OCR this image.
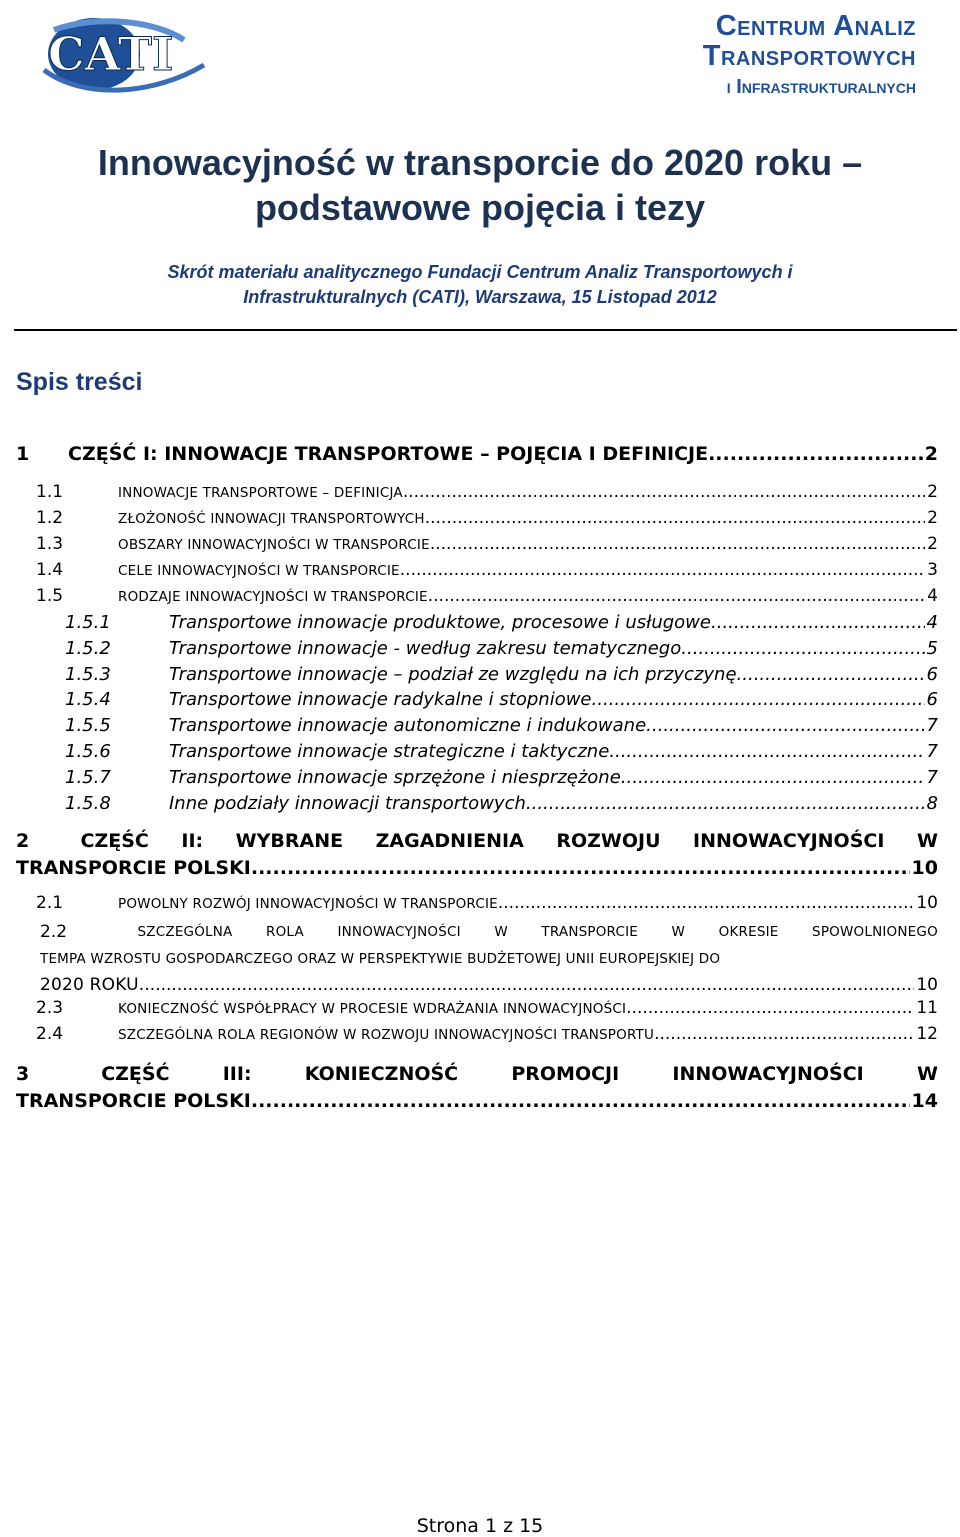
CATI
Centrum Analiz
Transportowych
i Infrastrukturalnych
Innowacyjność w transporcie do 2020 roku –
podstawowe pojęcia i tezy
Skrót materiału analitycznego Fundacji Centrum Analiz Transportowych i
Infrastrukturalnych (CATI), Warszawa, 15 Listopad 2012
Spis treści
1	CZĘŚĆ I: INNOWACJE TRANSPORTOWE – POJĘCIA I DEFINICJE .....	2
1.1	INNOWACJE TRANSPORTOWE – DEFINICJA .....	2
1.2	ZŁOŻONOŚĆ INNOWACJI TRANSPORTOWYCH .....	2
1.3	OBSZARY INNOWACYJNOŚCI W TRANSPORCIE .....	2
1.4	CELE INNOWACYJNOŚCI W TRANSPORCIE .....	3
1.5	RODZAJE INNOWACYJNOŚCI W TRANSPORCIE .....	4
1.5.1	Transportowe innowacje produktowe, procesowe i usługowe .....	4
1.5.2	Transportowe innowacje - według zakresu tematycznego .....	5
1.5.3	Transportowe innowacje – podział ze względu na ich przyczynę .....	6
1.5.4	Transportowe innowacje radykalne i stopniowe .....	6
1.5.5	Transportowe innowacje autonomiczne i indukowane .....	7
1.5.6	Transportowe innowacje strategiczne i taktyczne .....	7
1.5.7	Transportowe innowacje sprzężone i niesprzężone .....	7
1.5.8	Inne podziały innowacji transportowych .....	8
2	CZĘŚĆ II: WYBRANE ZAGADNIENIA ROZWOJU INNOWACYJNOŚCI W
TRANSPORCIE POLSKI .....	10
2.1	POWOLNY ROZWÓJ INNOWACYJNOŚCI W TRANSPORCIE .....	10
2.2	SZCZEGÓLNA ROLA INNOWACYJNOŚCI W TRANSPORCIE W OKRESIE SPOWOLNIONEGO
TEMPA WZROSTU GOSPODARCZEGO ORAZ W PERSPEKTYWIE BUDŻETOWEJ UNII EUROPEJSKIEJ DO
2020 ROKU. .....	10
2.3	KONIECZNOŚĆ WSPÓŁPRACY W PROCESIE WDRAŻANIA INNOWACYJNOŚCI .....	11
2.4	SZCZEGÓLNA ROLA REGIONÓW W ROZWOJU INNOWACYJNOŚCI TRANSPORTU .....	12
3	CZĘŚĆ	III:	KONIECZNOŚĆ	PROMOCJI	INNOWACYJNOŚCI	W
TRANSPORCIE POLSKI .....	14
Strona 1 z 15
